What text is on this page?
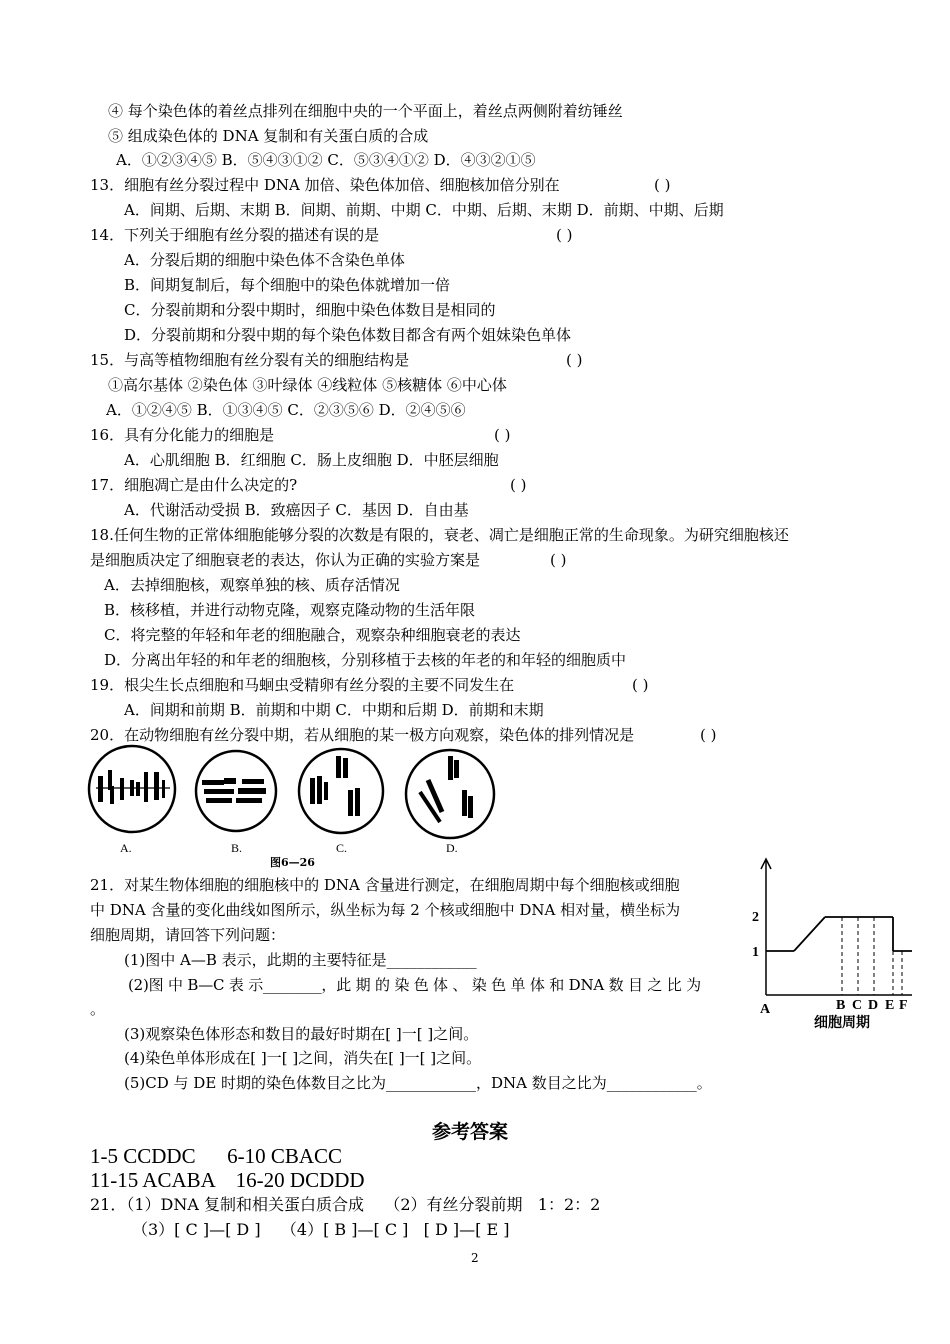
④ 每个染色体的着丝点排列在细胞中央的一个平面上，着丝点两侧附着纺锤丝
⑤ 组成染色体的 DNA 复制和有关蛋白质的合成
A．①②③④⑤ B．⑤④③①② C．⑤③④①② D．④③②①⑤
13．细胞有丝分裂过程中 DNA 加倍、染色体加倍、细胞核加倍分别在	( )
A．间期、后期、末期 B．间期、前期、中期 C．中期、后期、末期 D．前期、中期、后期
14．下列关于细胞有丝分裂的描述有误的是	( )
A．分裂后期的细胞中染色体不含染色单体
B．间期复制后，每个细胞中的染色体就增加一倍
C．分裂前期和分裂中期时，细胞中染色体数目是相同的
D．分裂前期和分裂中期的每个染色体数目都含有两个姐妹染色单体
15．与高等植物细胞有丝分裂有关的细胞结构是	( )
①高尔基体 ②染色体 ③叶绿体 ④线粒体 ⑤核糖体 ⑥中心体
A．①②④⑤ B．①③④⑤ C．②③⑤⑥ D．②④⑤⑥
16．具有分化能力的细胞是	( )
A．心肌细胞 B．红细胞 C．肠上皮细胞 D．中胚层细胞
17．细胞凋亡是由什么决定的?	( )
A．代谢活动受损 B．致癌因子 C．基因 D．自由基
18.任何生物的正常体细胞能够分裂的次数是有限的，衰老、凋亡是细胞正常的生命现象。为研究细胞核还
是细胞质决定了细胞衰老的表达，你认为正确的实验方案是	( )
A．去掉细胞核，观察单独的核、质存活情况
B．核移植，并进行动物克隆，观察克隆动物的生活年限
C．将完整的年轻和年老的细胞融合，观察杂种细胞衰老的表达
D．分离出年轻的和年老的细胞核，分别移植于去核的年老的和年轻的细胞质中
19．根尖生长点细胞和马蛔虫受精卵有丝分裂的主要不同发生在	( )
A．间期和前期 B．前期和中期 C．中期和后期 D．前期和末期
20．在动物细胞有丝分裂中期，若从细胞的某一极方向观察，染色体的排列情况是	( )
A.	B.	C.	D.
图6—26
21．对某生物体细胞的细胞核中的 DNA 含量进行测定，在细胞周期中每个细胞核或细胞
中 DNA 含量的变化曲线如图所示，纵坐标为每 2 个核或细胞中 DNA 相对量，横坐标为
细胞周期，请回答下列问题：
(1)图中 A—B 表示，此期的主要特征是____________
(2)图 中 B—C 表 示________，此 期 的 染 色 体 、 染 色 单 体 和 DNA 数 目 之 比 为
。
(3)观察染色体形态和数目的最好时期在[ ]一[ ]之间。
(4)染色单体形成在[ ]一[ ]之间，消失在[ ]一[ ]之间。
(5)CD 与 DE 时期的染色体数目之比为____________，DNA 数目之比为____________。
2
1
A	B C D E F
细胞周期
参考答案
1-5 CCDDC      6-10 CBACC
11-15 ACABA    16-20 DCDDD
21．（1）DNA 复制和相关蛋白质合成    （2）有丝分裂前期   1：2：2
（3）[ C ]—[ D ]    （4）[ B ]—[ C ]   [ D ]—[ E ]
2
